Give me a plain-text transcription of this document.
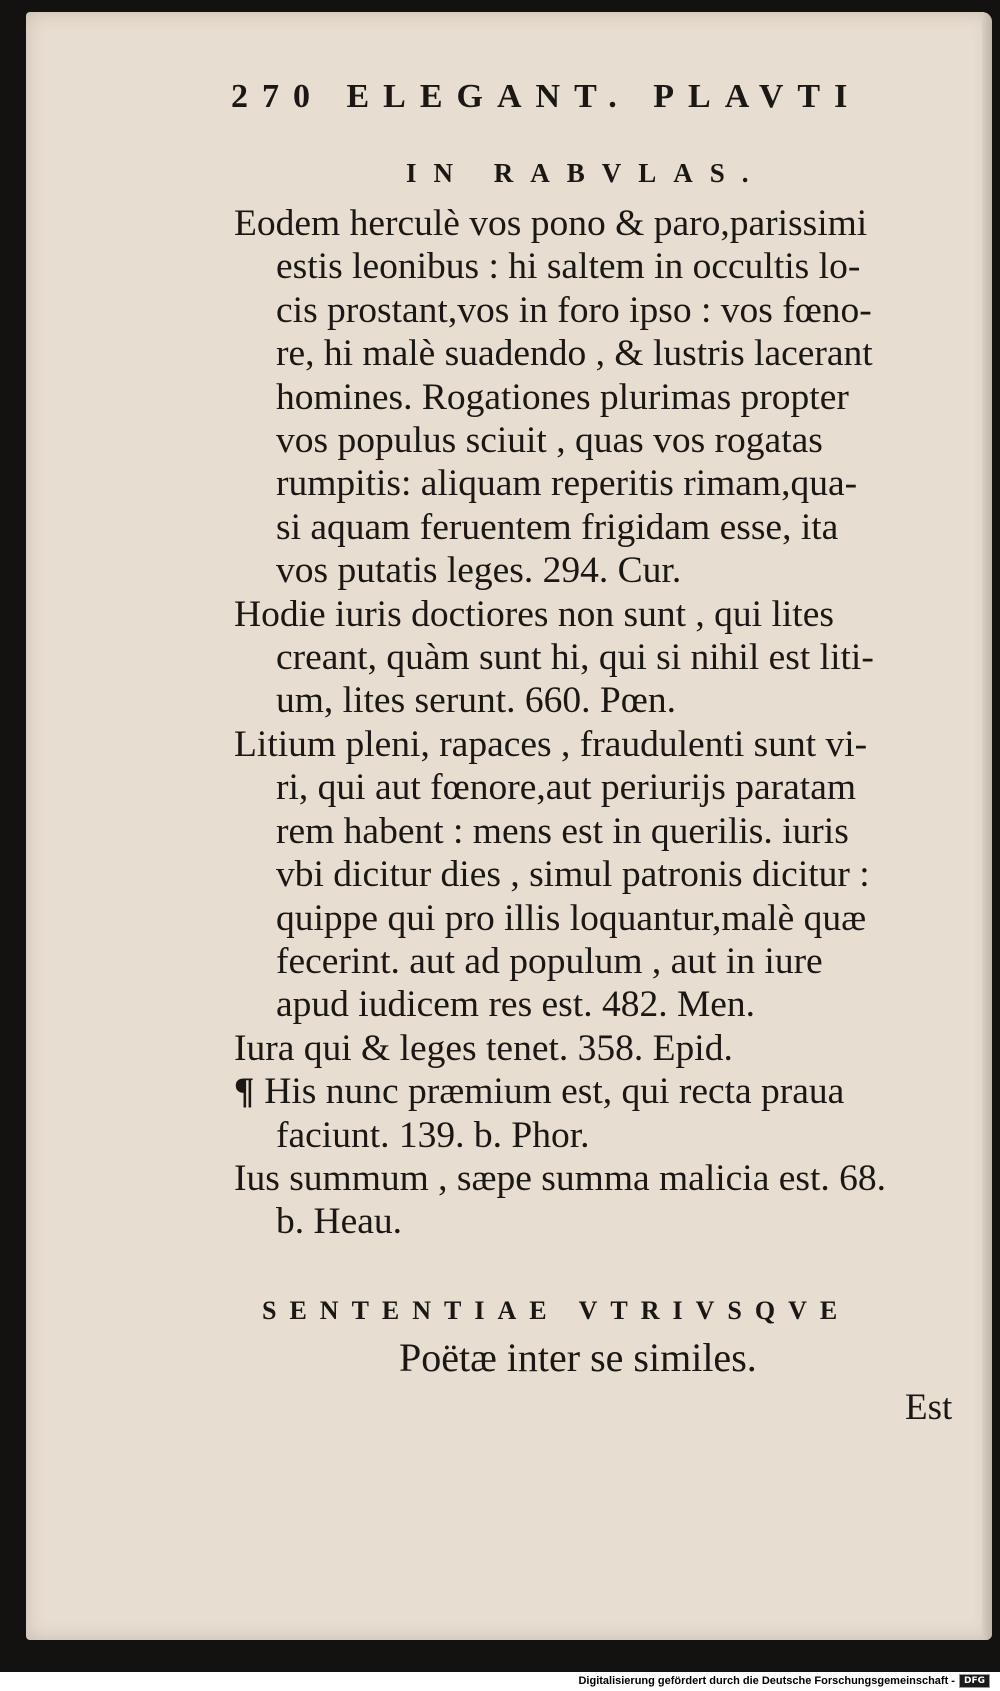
270 ELEGANT. PLAVTI
IN RABVLAS.

Eodem herculè vos pono & paro,parissimi
estis leonibus : hi saltem in occultis lo-
cis prostant,vos in foro ipso : vos fœno-
re, hi malè suadendo , & lustris lacerant
homines. Rogationes plurimas propter
vos populus sciuit , quas vos rogatas
rumpitis: aliquam reperitis rimam,qua-
si aquam feruentem frigidam esse, ita
vos putatis leges. 294. Cur.

Hodie iuris doctiores non sunt , qui lites
creant, quàm sunt hi, qui si nihil est liti-
um, lites serunt. 660. Pœn.

Litium pleni, rapaces , fraudulenti sunt vi-
ri, qui aut fœnore,aut periurijs paratam
rem habent : mens est in querilis. iuris
vbi dicitur dies , simul patronis dicitur :
quippe qui pro illis loquantur,malè quæ
fecerint. aut ad populum , aut in iure
apud iudicem res est. 482. Men.

Iura qui & leges tenet. 358. Epid.

¶ His nunc præmium est, qui recta praua
faciunt. 139. b. Phor.

Ius summum , sæpe summa malicia est. 68.
b. Heau.

SENTENTIAE VTRIVSQVE
Poëtæ inter se similes.
Est
Digitalisierung gefördert durch die Deutsche Forschungsgemeinschaft -	DFG
